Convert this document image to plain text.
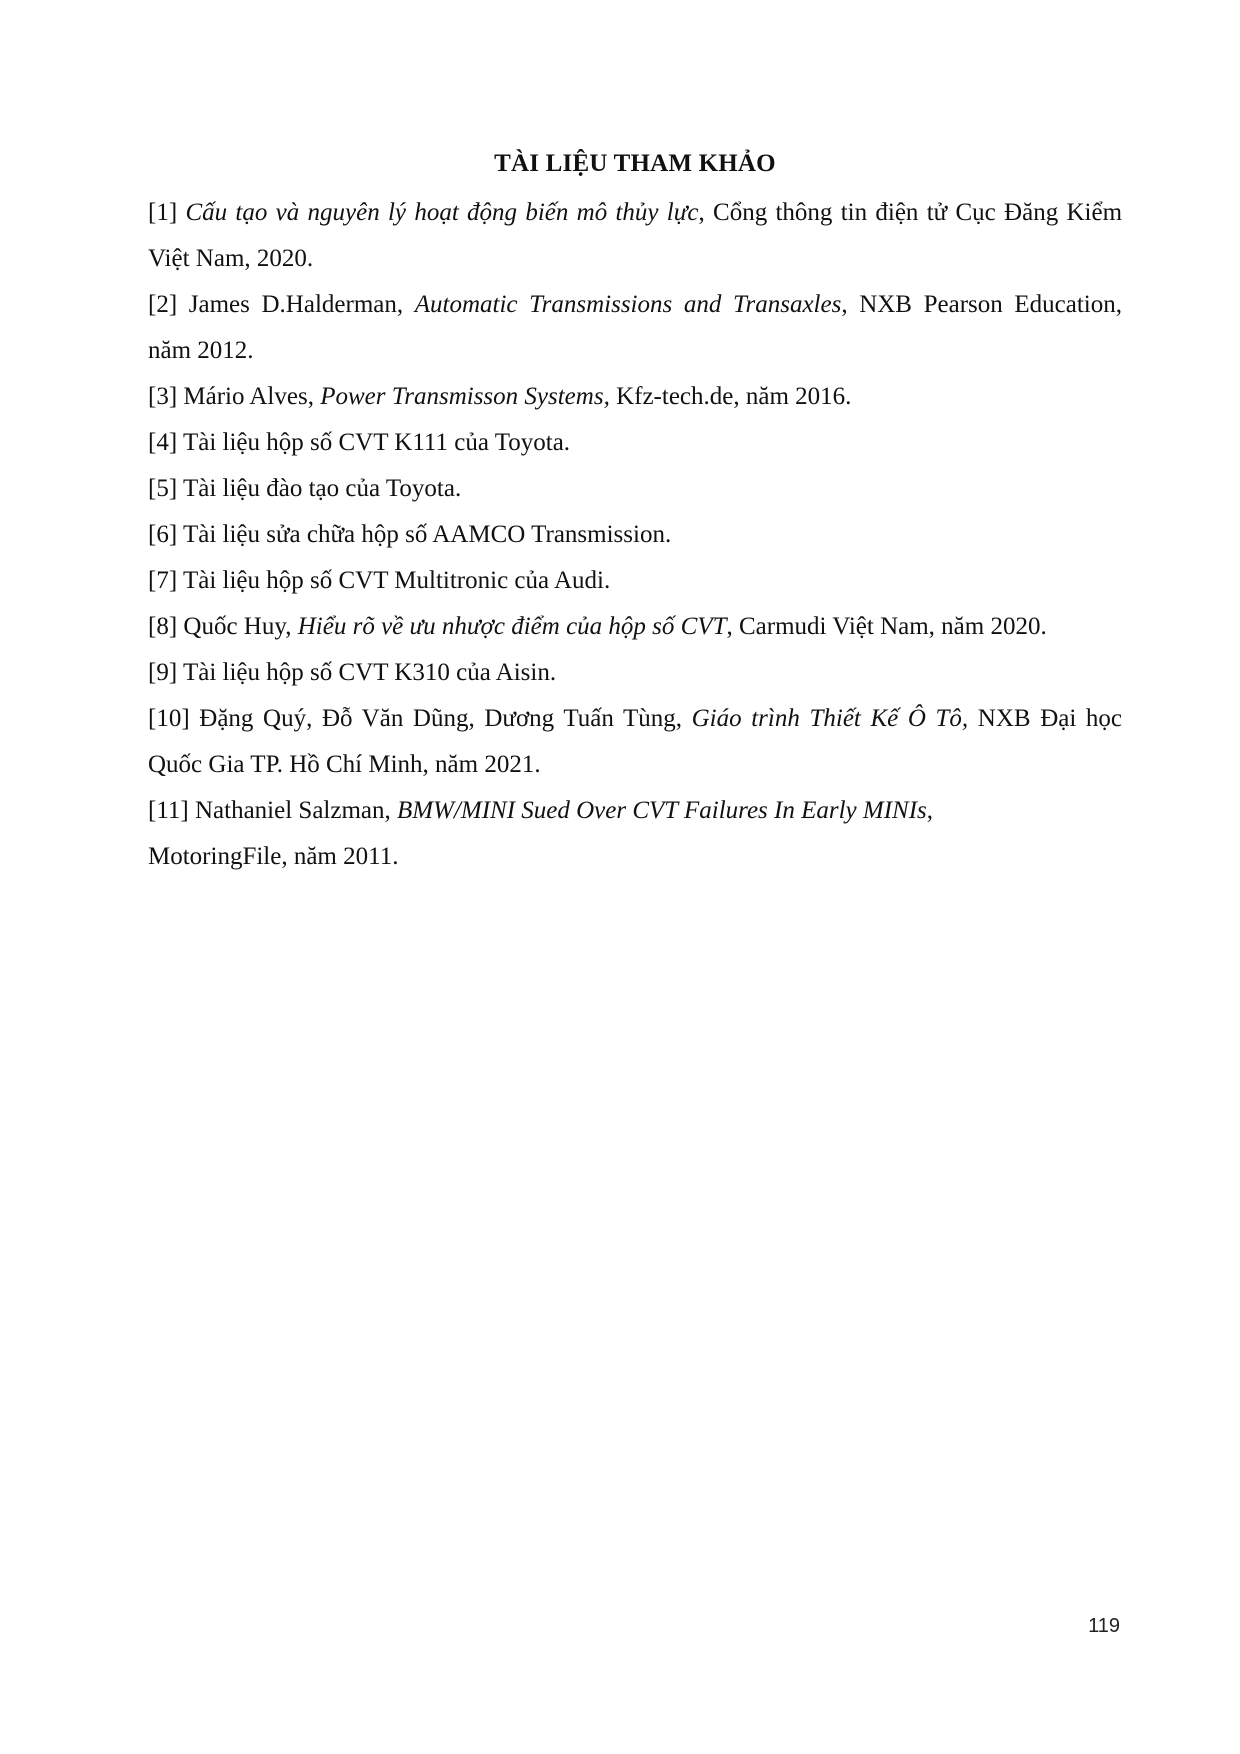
TÀI LIỆU THAM KHẢO
[1] Cấu tạo và nguyên lý hoạt động biến mô thủy lực, Cổng thông tin điện tử Cục Đăng Kiểm Việt Nam, 2020.
[2] James D.Halderman, Automatic Transmissions and Transaxles, NXB Pearson Education, năm 2012.
[3] Mário Alves, Power Transmisson Systems, Kfz-tech.de, năm 2016.
[4] Tài liệu hộp số CVT K111 của Toyota.
[5] Tài liệu đào tạo của Toyota.
[6] Tài liệu sửa chữa hộp số AAMCO Transmission.
[7] Tài liệu hộp số CVT Multitronic của Audi.
[8] Quốc Huy, Hiểu rõ về ưu nhược điểm của hộp số CVT, Carmudi Việt Nam, năm 2020.
[9] Tài liệu hộp số CVT K310 của Aisin.
[10] Đặng Quý, Đỗ Văn Dũng, Dương Tuấn Tùng, Giáo trình Thiết Kế Ô Tô, NXB Đại học Quốc Gia TP. Hồ Chí Minh, năm 2021.
[11] Nathaniel Salzman, BMW/MINI Sued Over CVT Failures In Early MINIs,
MotoringFile, năm 2011.
119
